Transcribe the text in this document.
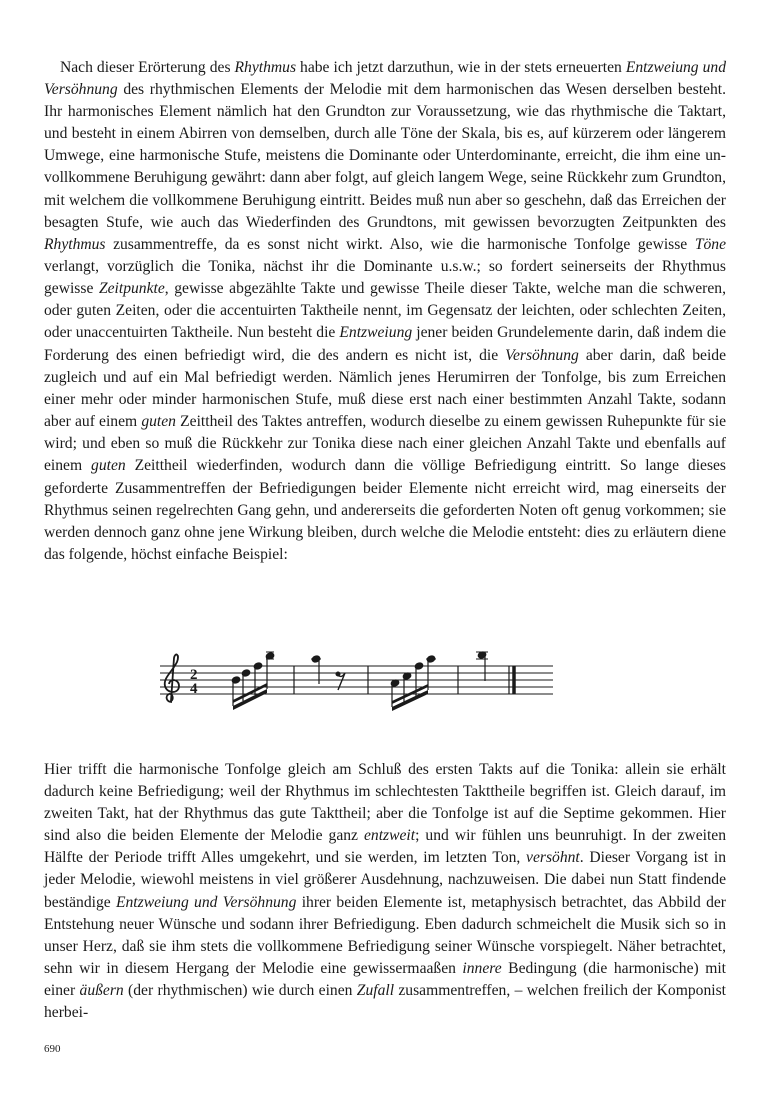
Nach dieser Erörterung des Rhythmus habe ich jetzt darzuthun, wie in der stets erneuerten Entzweiung und Versöhnung des rhythmischen Elements der Melodie mit dem harmonischen das Wesen derselben besteht. Ihr harmonisches Element nämlich hat den Grundton zur Voraussetzung, wie das rhythmische die Taktart, und besteht in einem Abirren von demselben, durch alle Töne der Skala, bis es, auf kürzerem oder längerem Umwege, eine harmonische Stufe, meistens die Dominante oder Unterdominante, erreicht, die ihm eine unvollkommene Beruhigung gewährt: dann aber folgt, auf gleich langem Wege, seine Rückkehr zum Grundton, mit welchem die vollkommene Beruhigung eintritt. Beides muß nun aber so geschehn, daß das Erreichen der besagten Stufe, wie auch das Wiederfinden des Grundtons, mit gewissen bevorzugten Zeitpunkten des Rhythmus zusammentreffe, da es sonst nicht wirkt. Also, wie die harmonische Tonfolge gewisse Töne verlangt, vorzüglich die Tonika, nächst ihr die Dominante u.s.w.; so fordert seinerseits der Rhythmus gewisse Zeitpunkte, gewisse abgezählte Takte und gewisse Theile dieser Takte, welche man die schweren, oder guten Zeiten, oder die accentuirten Taktheile nennt, im Gegensatz der leichten, oder schlechten Zeiten, oder unaccentuirten Taktheile. Nun besteht die Entzweiung jener beiden Grundelemente darin, daß indem die Forderung des einen befriedigt wird, die des andern es nicht ist, die Versöhnung aber darin, daß beide zugleich und auf ein Mal befriedigt werden. Nämlich jenes Herumirren der Tonfolge, bis zum Erreichen einer mehr oder minder harmonischen Stufe, muß diese erst nach einer bestimmten Anzahl Takte, sodann aber auf einem guten Zeittheil des Taktes antreffen, wodurch dieselbe zu einem gewissen Ruhepunkte für sie wird; und eben so muß die Rückkehr zur Tonika diese nach einer gleichen Anzahl Takte und ebenfalls auf einem guten Zeittheil wiederfinden, wodurch dann die völlige Befriedigung eintritt. So lange dieses geforderte Zusammentreffen der Befriedigungen beider Elemente nicht erreicht wird, mag einerseits der Rhythmus seinen regelrechten Gang gehn, und andererseits die geforderten Noten oft genug vorkommen; sie werden dennoch ganz ohne jene Wirkung bleiben, durch welche die Melodie entsteht: dies zu erläutern diene das folgende, höchst einfache Beispiel:

2
4

Hier trifft die harmonische Tonfolge gleich am Schluß des ersten Takts auf die Tonika: allein sie erhält dadurch keine Befriedigung; weil der Rhythmus im schlechtesten Takttheile begriffen ist. Gleich darauf, im zweiten Takt, hat der Rhythmus das gute Takttheil; aber die Tonfolge ist auf die Septime gekommen. Hier sind also die beiden Elemente der Melodie ganz entzweit; und wir fühlen uns beunruhigt. In der zweiten Hälfte der Periode trifft Alles umgekehrt, und sie werden, im letzten Ton, versöhnt. Dieser Vorgang ist in jeder Melodie, wiewohl meistens in viel größerer Ausdehnung, nachzuweisen. Die dabei nun Statt findende beständige Entzweiung und Versöhnung ihrer beiden Elemente ist, metaphysisch betrachtet, das Abbild der Entstehung neuer Wünsche und sodann ihrer Befriedigung. Eben dadurch schmeichelt die Musik sich so in unser Herz, daß sie ihm stets die vollkommene Befriedigung seiner Wünsche vorspiegelt. Näher betrachtet, sehn wir in diesem Hergang der Melodie eine gewissermaaßen innere Bedingung (die harmonische) mit einer äußern (der rhythmischen) wie durch einen Zufall zusammentreffen, – welchen freilich der Komponist herbei-

690
